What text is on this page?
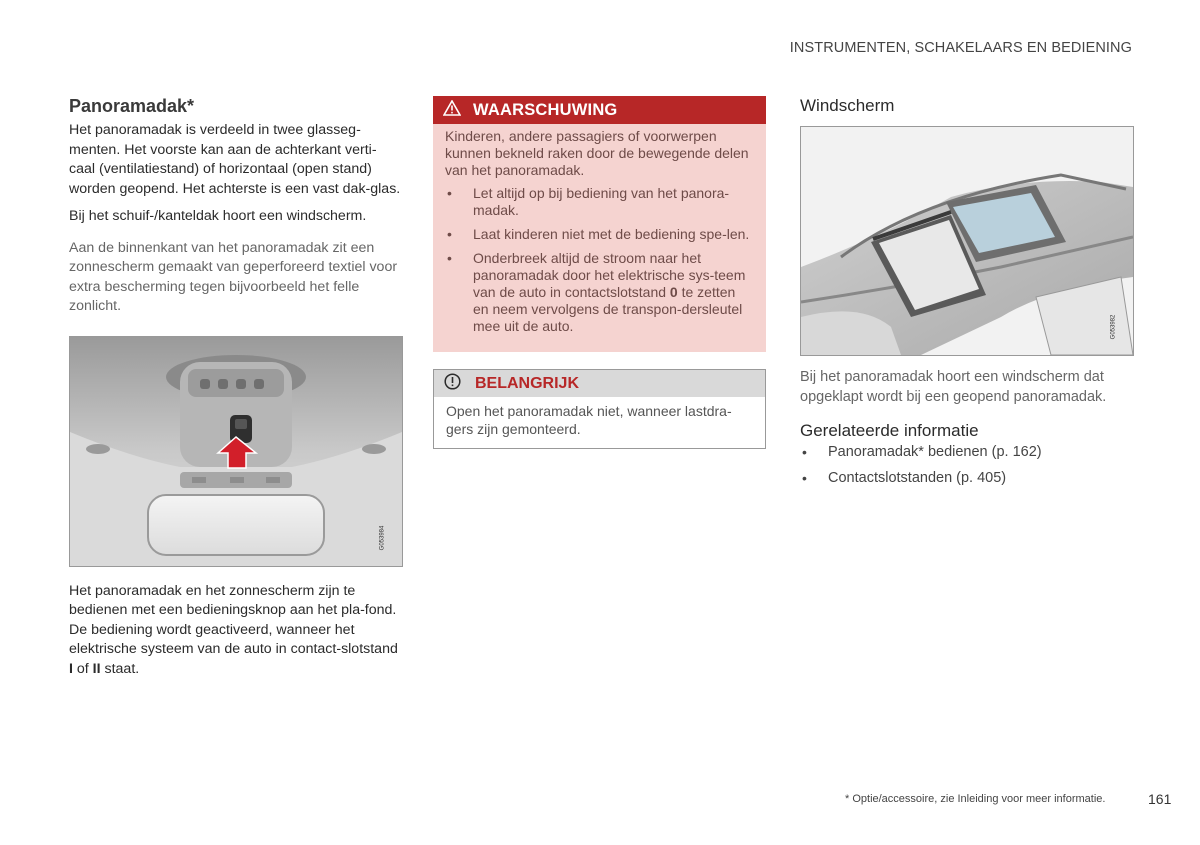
INSTRUMENTEN, SCHAKELAARS EN BEDIENING
Panoramadak*

Het panoramadak is verdeeld in twee glasseg-menten. Het voorste kan aan de achterkant verti-caal (ventilatiestand) of horizontaal (open stand) worden geopend. Het achterste is een vast dak-glas.

Bij het schuif-/kanteldak hoort een windscherm.

Aan de binnenkant van het panoramadak zit een zonnescherm gemaakt van geperforeerd textiel voor extra bescherming tegen bijvoorbeeld het felle zonlicht.

G053984

Het panoramadak en het zonnescherm zijn te bedienen met een bedieningsknop aan het pla-fond. De bediening wordt geactiveerd, wanneer het elektrische systeem van de auto in contact-slotstand I of II staat.

WAARSCHUWING

Kinderen, andere passagiers of voorwerpen kunnen bekneld raken door de bewegende delen van het panoramadak.

• Let altijd op bij bediening van het panora-madak.
• Laat kinderen niet met de bediening spe-len.
• Onderbreek altijd de stroom naar het panoramadak door het elektrische sys-teem van de auto in contactslotstand 0 te zetten en neem vervolgens de transpon-dersleutel mee uit de auto.
BELANGRIJK

Open het panoramadak niet, wanneer lastdra-gers zijn gemonteerd.

Windscherm
G053982

Bij het panoramadak hoort een windscherm dat opgeklapt wordt bij een geopend panoramadak.

Gerelateerde informatie
• Panoramadak* bedienen (p. 162)
• Contactslotstanden (p. 405)
* Optie/accessoire, zie Inleiding voor meer informatie.	161
